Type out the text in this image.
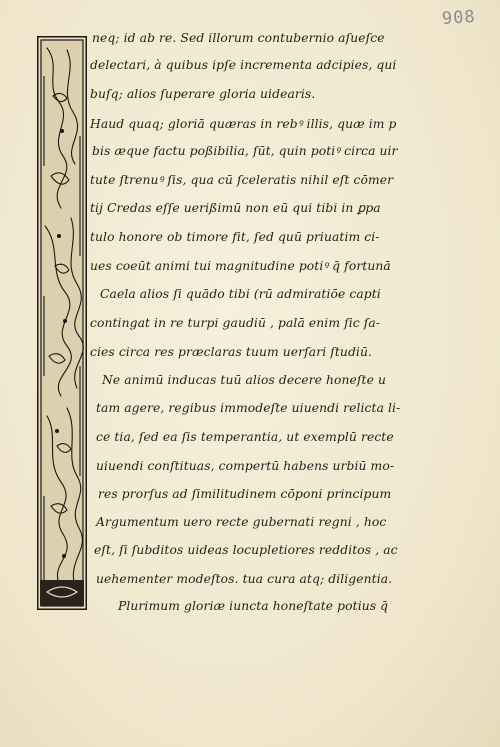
908
neq; id ab re. Sed illorum contubernio aſueſce
delectari, à quibus ipſe incrementa adcipies, qui
buſq; alios ſuperare gloria uidearis.
Haud quaq; gloriā quæras in rebꝰ illis, quæ im p
bis æque factu poßibilia, ſūt, quin potiꝰ circa uir
tute ſtrenuꝰ ſis, qua cū ſceleratis nihil eſt cōmer
tij Credas eſſe uerißimū non eū qui tibi in ꝑpa
tulo honore ob timore fit, ſed quū priuatim ci-
ues coeūt animi tui magnitudine potiꝰ q̄ fortunā
Caela alios ſi quādo tibi (rū admiratiōe capti
contingat in re turpi gaudiū , palā enim ſic ſa-
cies circa res præclaras tuum uerſari ſtudiū.
Ne animū inducas tuū alios decere honeſte u
tam agere, regibus immodeſte uiuendi relicta li-
ce tia, ſed ea ſis temperantia, ut exemplū recte
uiuendi conſtituas, compertū habens urbiū mo-
res prorſus ad ſimilitudinem cōponi principum
Argumentum uero recte gubernati regni , hoc
eſt, ſi ſubditos uideas locupletiores redditos , ac
uehementer modeſtos. tua cura atq; diligentia.
Plurimum gloriæ iuncta honeſtate potius q̄
